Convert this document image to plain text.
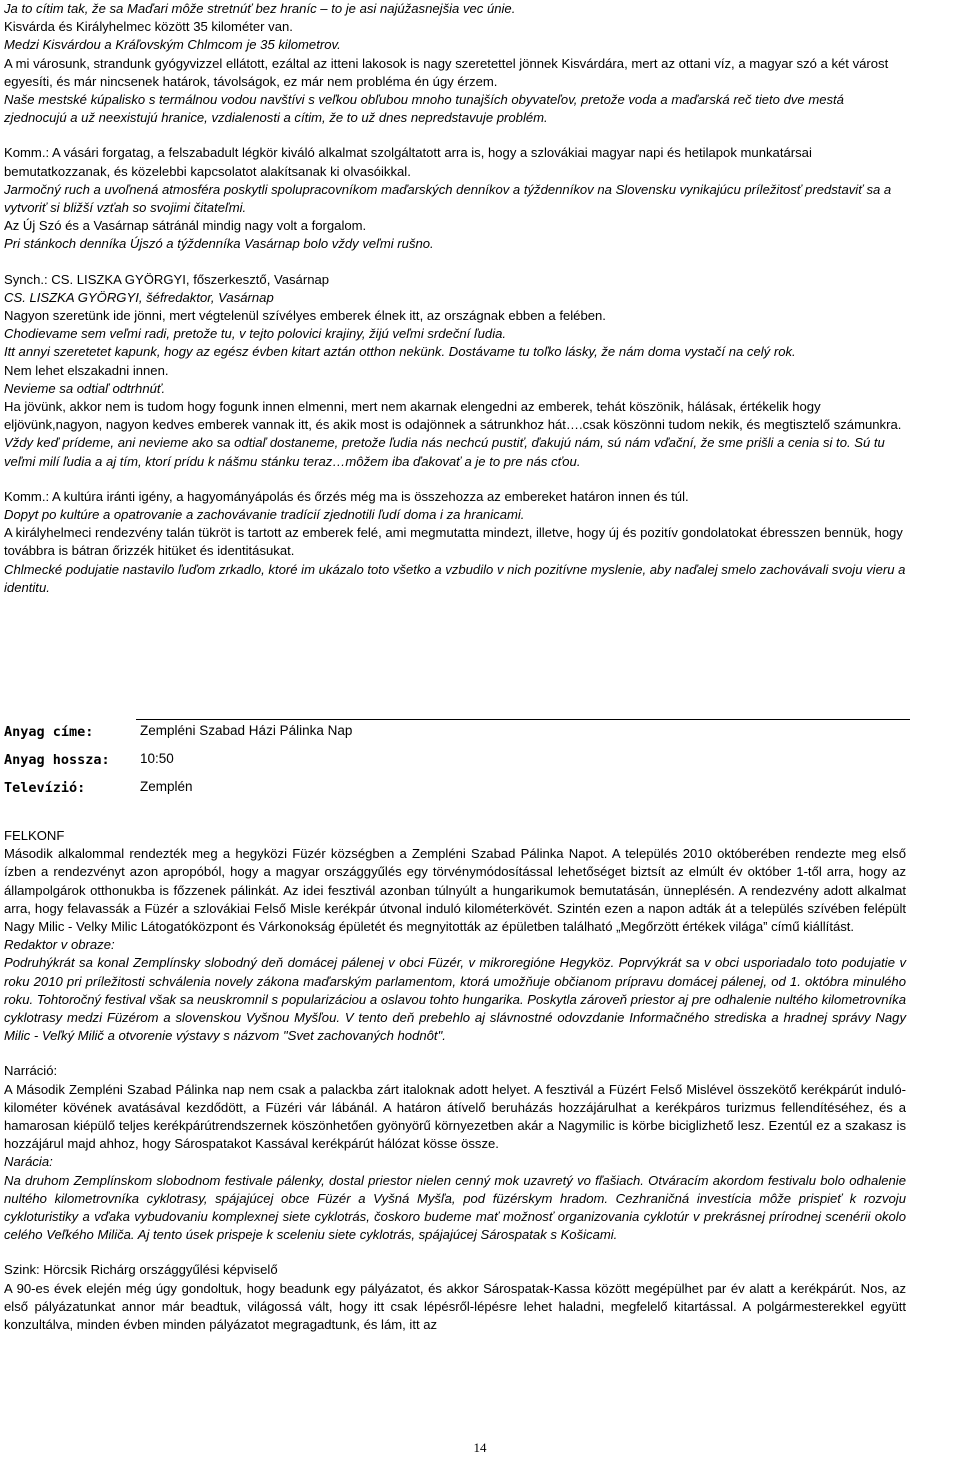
Ja to cítim tak, že sa Maďari môže stretnúť bez hraníc – to je asi najúžasnejšia vec únie.

Kisvárda és Királyhelmec között 35 kilométer van.

Medzi Kisvárdou a Kráľovským Chlmcom je 35 kilometrov.

A mi városunk, strandunk gyógyvizzel ellátott, ezáltal az itteni lakosok is nagy szeretettel jönnek Kisvárdára, mert az ottani víz, a magyar szó a két várost egyesíti, és már nincsenek határok, távolságok, ez már nem probléma én úgy érzem.

Naše mestské kúpalisko s termálnou vodou navštívi s veľkou obľubou mnoho tunajších obyvateľov, pretože voda a maďarská reč tieto dve mestá zjednocujú a už neexistujú hranice, vzdialenosti a cítim, že to už dnes nepredstavuje problém.

Komm.: A vásári forgatag, a felszabadult légkör kiváló alkalmat szolgáltatott arra is, hogy a szlovákiai magyar napi és hetilapok munkatársai bemutatkozzanak, és közelebbi kapcsolatot alakítsanak ki olvasóikkal.

Jarmočný ruch a uvoľnená atmosféra poskytli spolupracovníkom maďarských denníkov a týždenníkov na Slovensku vynikajúcu príležitosť predstaviť sa a vytvoriť si bližší vzťah so svojimi čitateľmi.

Az Új Szó és a Vasárnap sátránál mindig nagy volt a forgalom.

Pri stánkoch denníka Újszó a týždenníka Vasárnap bolo vždy veľmi rušno.

Synch.: CS. LISZKA GYÖRGYI, főszerkesztő, Vasárnap

CS. LISZKA GYÖRGYI, šéfredaktor, Vasárnap

Nagyon szeretünk ide jönni, mert végtelenül szívélyes emberek élnek itt, az országnak ebben a felében.

Chodievame sem veľmi radi, pretože tu, v tejto polovici krajiny, žijú veľmi srdeční ľudia.

Itt annyi szeretetet kapunk, hogy az egész évben kitart aztán otthon nekünk. Dostávame tu toľko lásky, že nám doma vystačí na celý rok.

Nem lehet elszakadni innen.

Nevieme sa odtiaľ odtrhnúť.

Ha jövünk, akkor nem is tudom hogy fogunk innen elmenni, mert nem akarnak elengedni az emberek, tehát köszönik, hálásak, értékelik hogy eljövünk,nagyon, nagyon kedves emberek vannak itt, és akik most is odajönnek a sátrunkhoz hát….csak köszönni tudom nekik, és megtisztelő számunkra.

Vždy keď prídeme, ani nevieme ako sa odtiaľ dostaneme, pretože ľudia nás nechcú pustiť, ďakujú nám, sú nám vďační, že sme prišli a cenia si to. Sú tu veľmi milí ľudia a aj tím, ktorí prídu k nášmu stánku teraz…môžem iba ďakovať a je to pre nás cťou.

Komm.: A kultúra iránti igény, a hagyományápolás és őrzés még ma is összehozza az embereket határon innen és túl.

Dopyt po kultúre a opatrovanie a zachovávanie tradícií zjednotili ľudí doma i za hranicami.

A királyhelmeci rendezvény talán tükröt is tartott az emberek felé, ami megmutatta mindezt, illetve, hogy új és pozitív gondolatokat ébresszen bennük, hogy továbbra is bátran őrizzék hitüket és identitásukat.

Chlmecké podujatie nastavilo ľuďom zrkadlo, ktoré im ukázalo toto všetko a vzbudilo v nich pozitívne myslenie, aby naďalej smelo zachovávali svoju vieru a identitu.

Anyag címe:	Zempléni Szabad Házi Pálinka Nap
Anyag hossza: 10:50
Televízió:	Zemplén

FELKONF

Második alkalommal rendezték meg a hegyközi Füzér községben a Zempléni Szabad Pálinka Napot. A település 2010 októberében rendezte meg első ízben a rendezvényt azon apropóból, hogy a magyar országgyűlés egy törvénymódosítással lehetőséget biztsít az elmúlt év október 1-től arra, hogy az állampolgárok otthonukba is főzzenek pálinkát. Az idei fesztivál azonban túlnyúlt a hungarikumok bemutatásán, ünneplésén. A rendezvény adott alkalmat arra, hogy felavassák a Füzér a szlovákiai Felső Misle kerékpár útvonal induló kilométerkövét. Szintén ezen a napon adták át a település szívében felépült Nagy Milic - Velky Milic Látogatóközpont és Várkonokság épületét és megnyitották az épületben található „Megőrzött értékek világa” című kiállítást.

Redaktor v obraze:

Podruhýkrát sa konal Zemplínsky slobodný deň domácej pálenej v obci Füzér, v mikroregióne Hegyköz. Poprvýkrát sa v obci usporiadalo toto podujatie v roku 2010 pri príležitosti schválenia novely zákona maďarským parlamentom, ktorá umožňuje občianom prípravu domácej pálenej, od 1. októbra minulého roku. Tohtoročný festival však sa neuskromnil s popularizáciou a oslavou tohto hungarika. Poskytla zároveň priestor aj pre odhalenie nultého kilometrovníka cyklotrasy medzi Füzérom a slovenskou Vyšnou Myšľou. V tento deň prebehlo aj slávnostné odovzdanie Informačného strediska a hradnej správy Nagy Milic - Veľký Milič a otvorenie výstavy s názvom "Svet zachovaných hodnôt".

Narráció:

A Második Zempléni Szabad Pálinka nap nem csak a palackba zárt italoknak adott helyet. A fesztivál a Füzért Felső Mislével összekötő kerékpárút induló-kilométer kövének avatásával kezdődött, a Füzéri vár lábánál. A határon átívelő beruházás hozzájárulhat a kerékpáros turizmus fellendítéséhez, és a hamarosan kiépülő teljes kerékpárútrendszernek köszönhetően gyönyörű környezetben akár a Nagymilic is körbe biciglizhető lesz. Ezentúl ez a szakasz is hozzájárul majd ahhoz, hogy Sárospatakot Kassával kerékpárút hálózat kösse össze.

Narácia:

Na druhom Zemplínskom slobodnom festivale pálenky, dostal priestor nielen cenný mok uzavretý vo fľašiach. Otváracím akordom festivalu bolo odhalenie nultého kilometrovníka cyklotrasy, spájajúcej obce Füzér a Vyšná Myšľa, pod füzérskym hradom. Cezhraničná investícia môže prispieť k rozvoju cykloturistiky a vďaka vybudovaniu komplexnej siete cyklotrás, čoskoro budeme mať možnosť organizovania cyklotúr v prekrásnej prírodnej scenérii okolo celého Veľkého Miliča. Aj tento úsek prispeje k sceleniu siete cyklotrás, spájajúcej Sárospatak s Košicami.

Szink: Hörcsik Richárg országgyűlési képviselő

A 90-es évek elején még úgy gondoltuk, hogy beadunk egy pályázatot, és akkor Sárospatak-Kassa között megépülhet par év alatt a kerékpárút. Nos, az első pályázatunkat annor már beadtuk, világossá vált, hogy itt csak lépésről-lépésre lehet haladni, megfelelő kitartással. A polgármesterekkel együtt konzultálva, minden évben minden pályázatot megragadtunk, és lám, itt az

14
